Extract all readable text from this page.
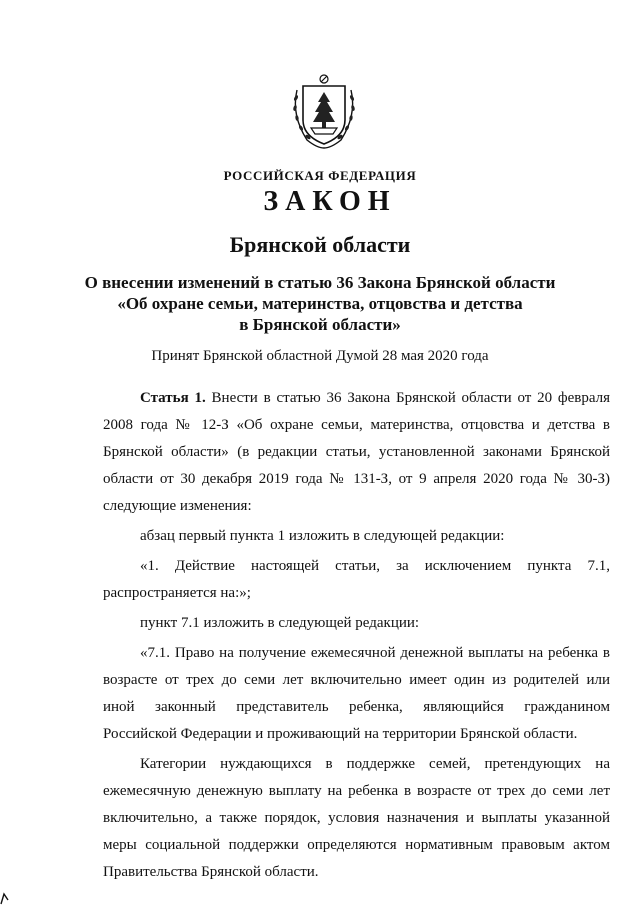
РОССИЙСКАЯ ФЕДЕРАЦИЯ
ЗАКОН
Брянской области
О внесении изменений в статью 36 Закона Брянской области
«Об охране семьи, материнства, отцовства и детства
в Брянской области»
Принят Брянской областной Думой 28 мая 2020 года
Статья 1. Внести в статью 36 Закона Брянской области от 20 февраля
2008 года № 12-З «Об охране семьи, материнства, отцовства и детства в
Брянской области» (в редакции статьи, установленной законами Брянской
области от 30 декабря 2019 года № 131-З, от 9 апреля 2020 года № 30-З)
следующие изменения:
абзац первый пункта 1 изложить в следующей редакции:
«1. Действие настоящей статьи, за исключением пункта 7.1,
распространяется на:»;
пункт 7.1 изложить в следующей редакции:
«7.1. Право на получение ежемесячной денежной выплаты на ребенка в
возрасте от трех до семи лет включительно имеет один из родителей или
иной законный представитель ребенка, являющийся гражданином
Российской Федерации и проживающий на территории Брянской области.
Категории нуждающихся в поддержке семей, претендующих на
ежемесячную денежную выплату на ребенка в возрасте от трех до семи лет
включительно, а также порядок, условия назначения и выплаты указанной
меры социальной поддержки определяются нормативным правовым актом
Правительства Брянской области.
